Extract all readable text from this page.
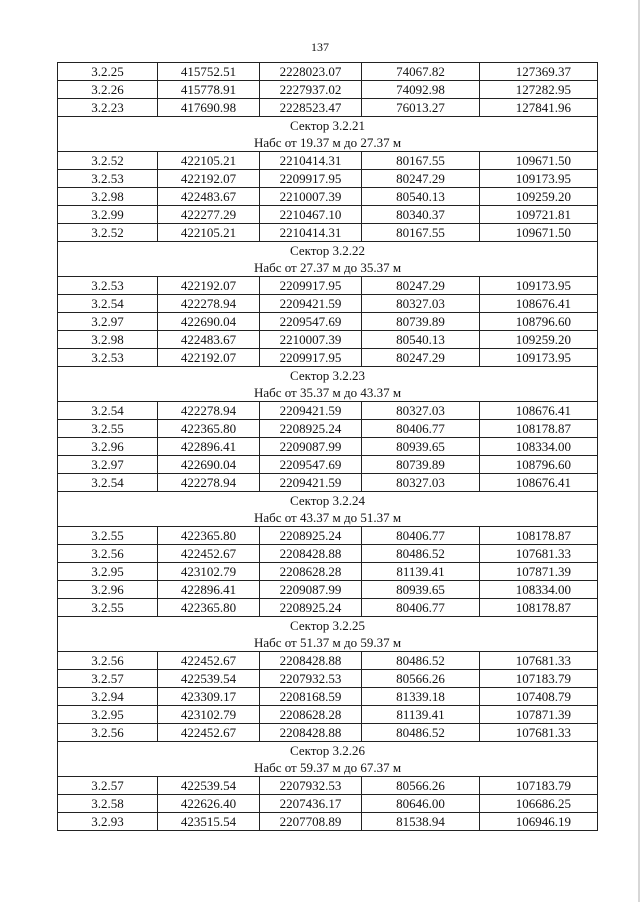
137
3.2.25	415752.51	2228023.07	74067.82	127369.37
3.2.26	415778.91	2227937.02	74092.98	127282.95
3.2.23	417690.98	2228523.47	76013.27	127841.96
Сектор 3.2.21				
Набс от 19.37 м до 27.37 м				
3.2.52	422105.21	2210414.31	80167.55	109671.50
3.2.53	422192.07	2209917.95	80247.29	109173.95
3.2.98	422483.67	2210007.39	80540.13	109259.20
3.2.99	422277.29	2210467.10	80340.37	109721.81
3.2.52	422105.21	2210414.31	80167.55	109671.50
Сектор 3.2.22				
Набс от 27.37 м до 35.37 м				
3.2.53	422192.07	2209917.95	80247.29	109173.95
3.2.54	422278.94	2209421.59	80327.03	108676.41
3.2.97	422690.04	2209547.69	80739.89	108796.60
3.2.98	422483.67	2210007.39	80540.13	109259.20
3.2.53	422192.07	2209917.95	80247.29	109173.95
Сектор 3.2.23				
Набс от 35.37 м до 43.37 м				
3.2.54	422278.94	2209421.59	80327.03	108676.41
3.2.55	422365.80	2208925.24	80406.77	108178.87
3.2.96	422896.41	2209087.99	80939.65	108334.00
3.2.97	422690.04	2209547.69	80739.89	108796.60
3.2.54	422278.94	2209421.59	80327.03	108676.41
Сектор 3.2.24				
Набс от 43.37 м до 51.37 м				
3.2.55	422365.80	2208925.24	80406.77	108178.87
3.2.56	422452.67	2208428.88	80486.52	107681.33
3.2.95	423102.79	2208628.28	81139.41	107871.39
3.2.96	422896.41	2209087.99	80939.65	108334.00
3.2.55	422365.80	2208925.24	80406.77	108178.87
Сектор 3.2.25				
Набс от 51.37 м до 59.37 м				
3.2.56	422452.67	2208428.88	80486.52	107681.33
3.2.57	422539.54	2207932.53	80566.26	107183.79
3.2.94	423309.17	2208168.59	81339.18	107408.79
3.2.95	423102.79	2208628.28	81139.41	107871.39
3.2.56	422452.67	2208428.88	80486.52	107681.33
Сектор 3.2.26				
Набс от 59.37 м до 67.37 м				
3.2.57	422539.54	2207932.53	80566.26	107183.79
3.2.58	422626.40	2207436.17	80646.00	106686.25
3.2.93	423515.54	2207708.89	81538.94	106946.19
